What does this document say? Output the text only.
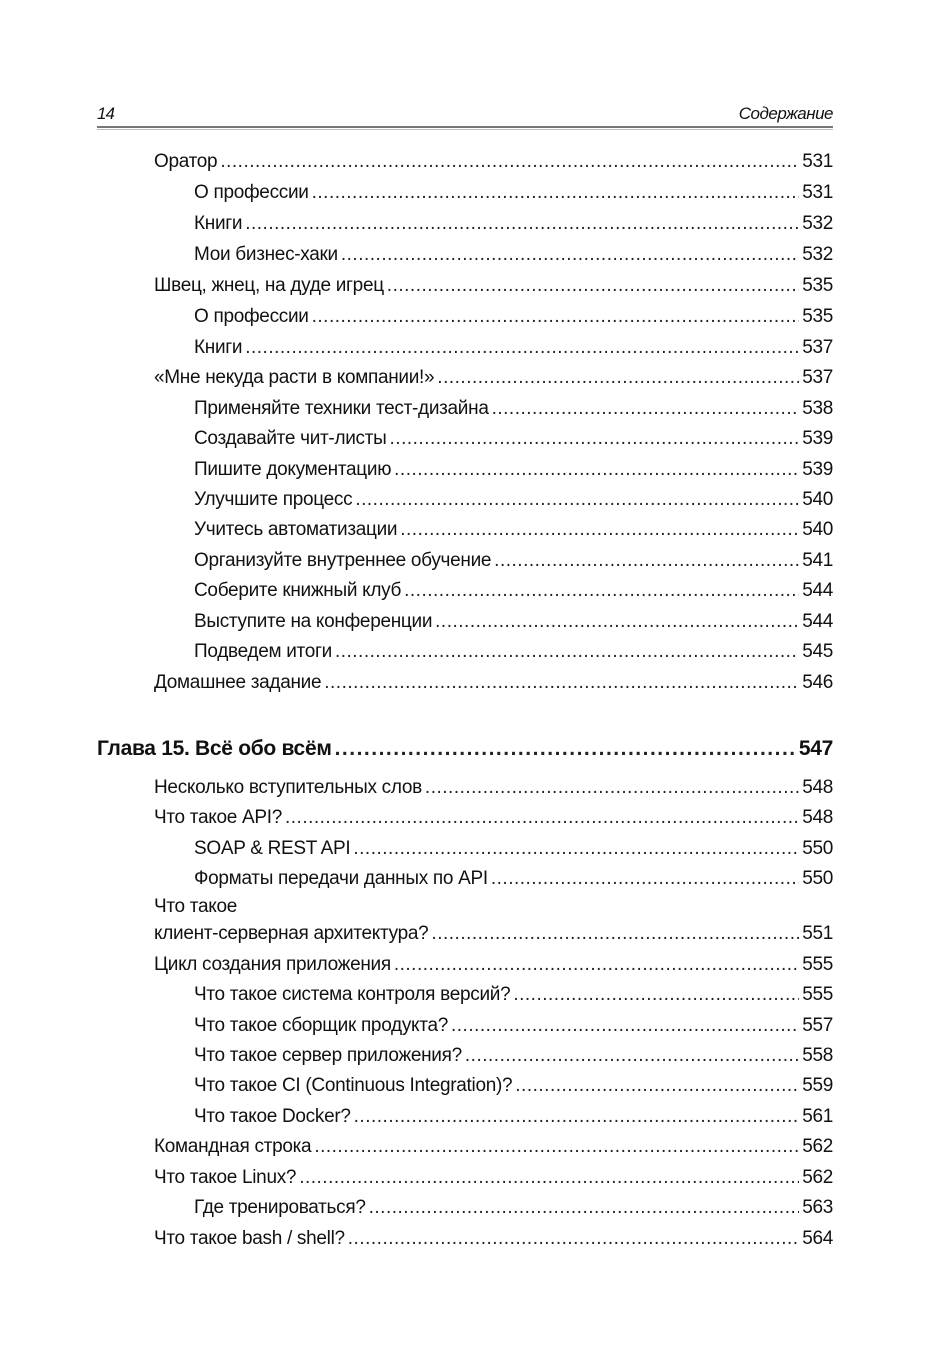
14	Содержание
Оратор .....	531
О профессии .....	531
Книги .....	532
Мои бизнес-хаки .....	532
Швец, жнец, на дуде игрец .....	535
О профессии .....	535
Книги .....	537
«Мне некуда расти в компании!» .....	537
Применяйте техники тест-дизайна .....	538
Создавайте чит-листы .....	539
Пишите документацию .....	539
Улучшите процесс .....	540
Учитесь автоматизации .....	540
Организуйте внутреннее обучение .....	541
Соберите книжный клуб .....	544
Выступите на конференции .....	544
Подведем итоги .....	545
Домашнее задание .....	546
Глава 15. Всё обо всём .....	547
Несколько вступительных слов .....	548
Что такое API? .....	548
SOAP & REST API .....	550
Форматы передачи данных по API .....	550
Что такое
клиент-серверная архитектура? .....	551
Цикл создания приложения .....	555
Что такое система контроля версий? .....	555
Что такое сборщик продукта? .....	557
Что такое сервер приложения? .....	558
Что такое CI (Continuous Integration)? .....	559
Что такое Docker? .....	561
Командная строка .....	562
Что такое Linux? .....	562
Где тренироваться? .....	563
Что такое bash / shell? .....	564
